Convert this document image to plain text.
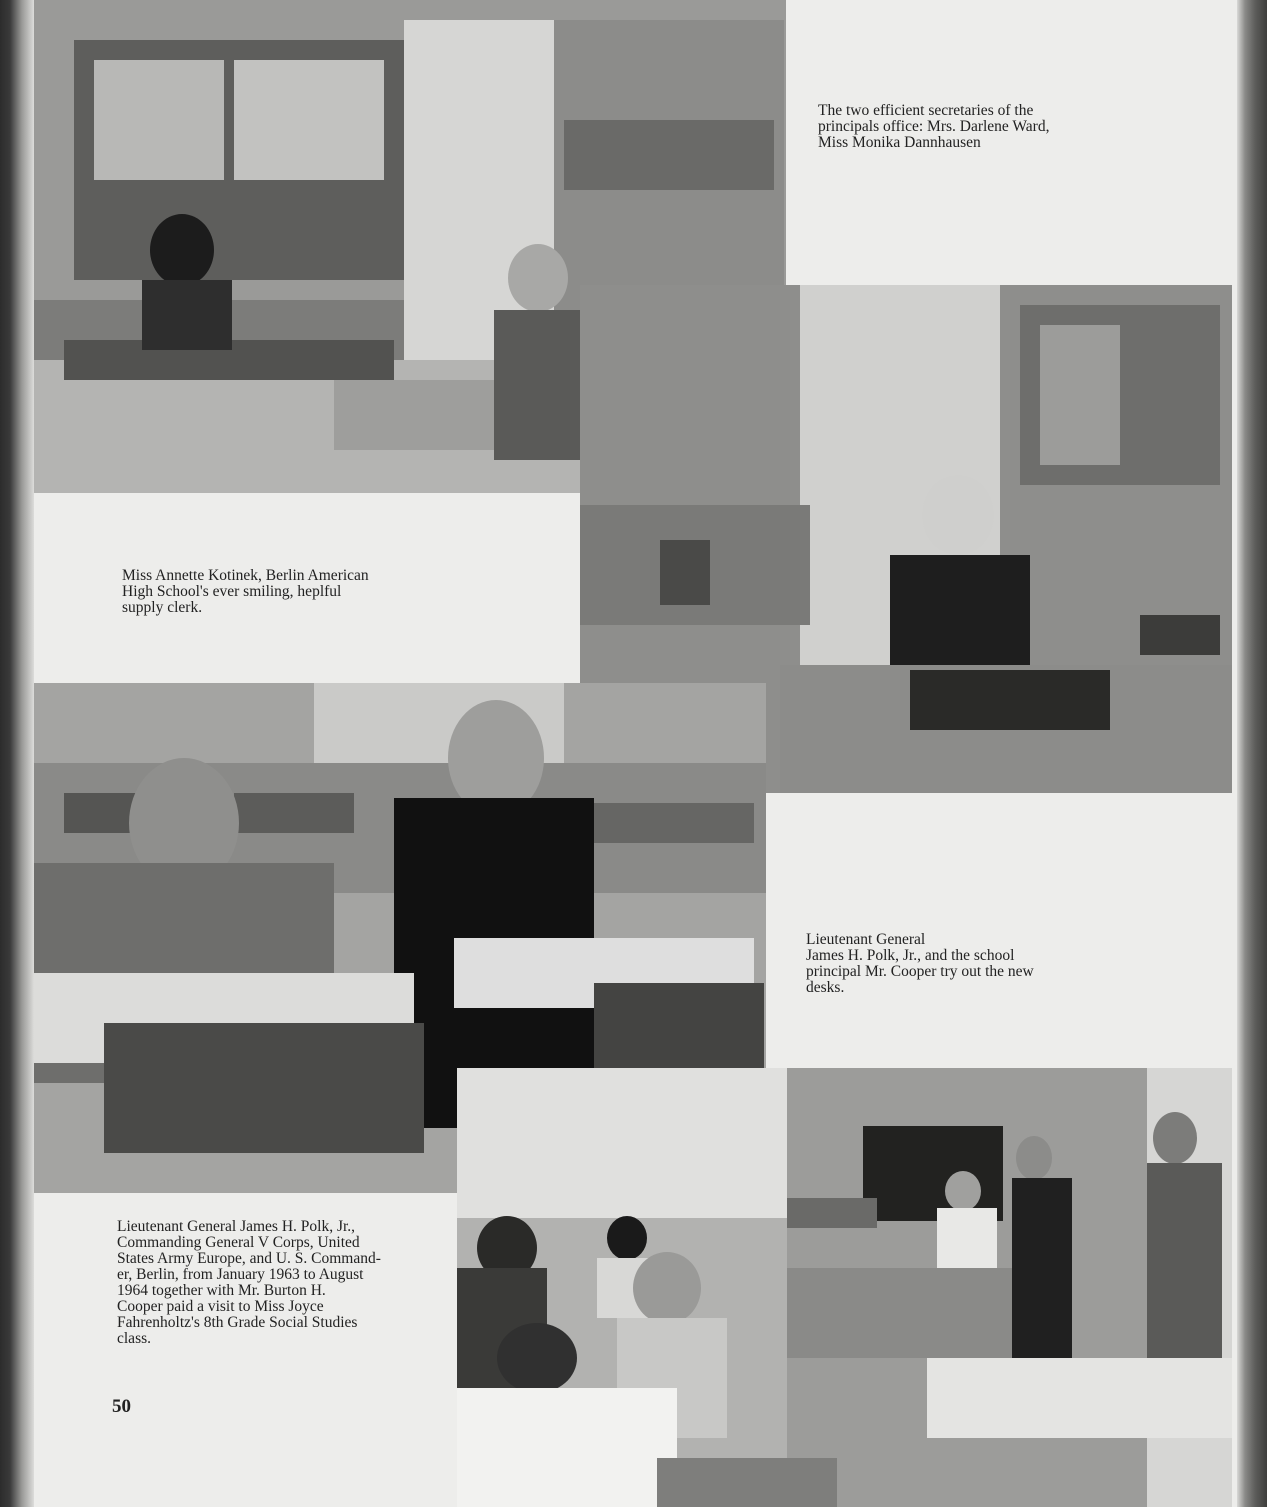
The two efficient secretaries of the
principals office: Mrs. Darlene Ward,
Miss Monika Dannhausen
Miss Annette Kotinek, Berlin American
High School's ever smiling, heplful
supply clerk.
Lieutenant General
James H. Polk, Jr., and the school
principal Mr. Cooper try out the new
desks.
Lieutenant General James H. Polk, Jr.,
Commanding General V Corps, United
States Army Europe, and U. S. Command-
er, Berlin, from January 1963 to August
1964 together with Mr. Burton H.
Cooper paid a visit to Miss Joyce
Fahrenholtz's 8th Grade Social Studies
class.
50
